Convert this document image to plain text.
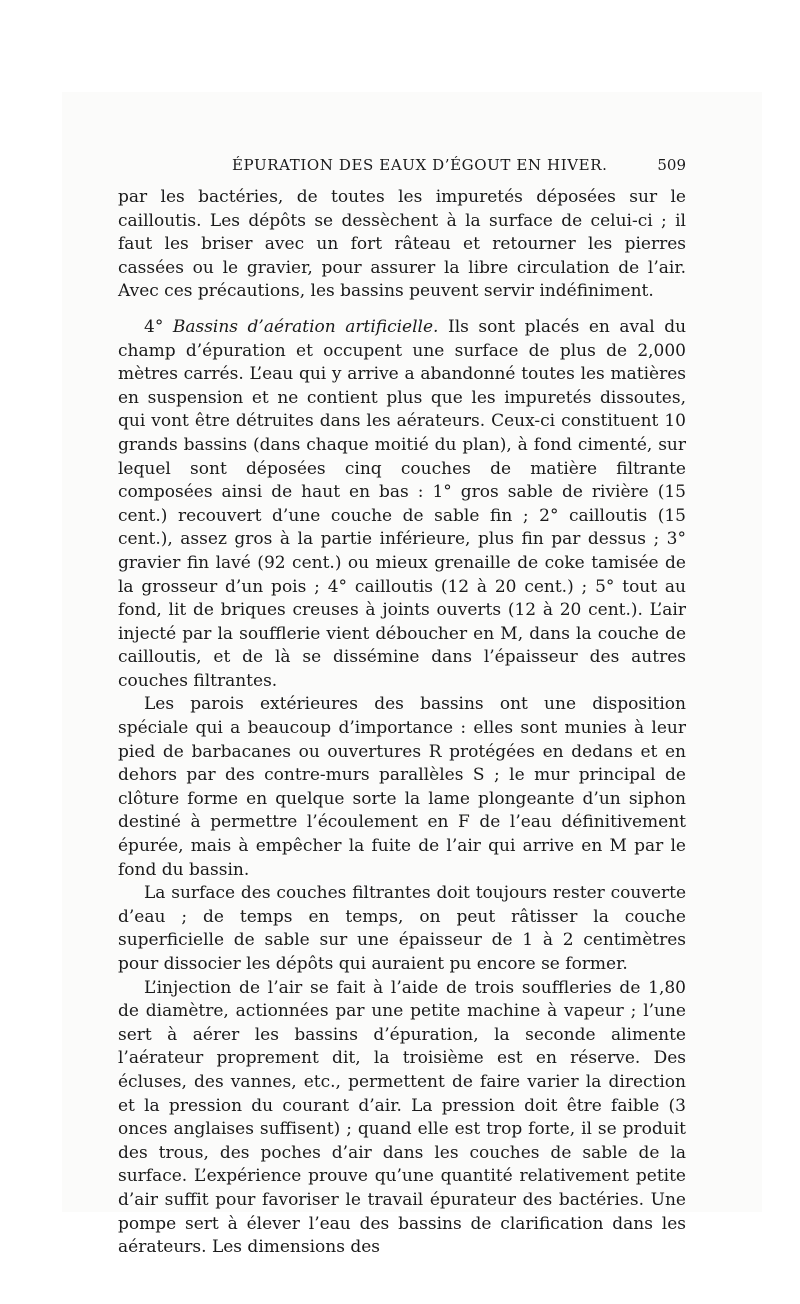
ÉPURATION DES EAUX D’ÉGOUT EN HIVER.	509

par les bactéries, de toutes les impuretés déposées sur le cailloutis. Les dépôts se dessèchent à la surface de celui-ci ; il faut les briser avec un fort râteau et retourner les pierres cassées ou le gravier, pour assurer la libre circulation de l’air. Avec ces précautions, les bassins peuvent servir indéfiniment.

4° Bassins d’aération artificielle. Ils sont placés en aval du champ d’épuration et occupent une surface de plus de 2,000 mètres carrés. L’eau qui y arrive a abandonné toutes les matières en suspension et ne contient plus que les impuretés dissoutes, qui vont être détruites dans les aérateurs. Ceux-ci constituent 10 grands bassins (dans chaque moitié du plan), à fond cimenté, sur lequel sont déposées cinq couches de matière filtrante composées ainsi de haut en bas : 1° gros sable de rivière (15 cent.) recouvert d’une couche de sable fin ; 2° cailloutis (15 cent.), assez gros à la partie inférieure, plus fin par dessus ; 3° gravier fin lavé (92 cent.) ou mieux grenaille de coke tamisée de la grosseur d’un pois ; 4° cailloutis (12 à 20 cent.) ; 5° tout au fond, lit de briques creuses à joints ouverts (12 à 20 cent.). L’air injecté par la soufflerie vient déboucher en M, dans la couche de cailloutis, et de là se dissémine dans l’épaisseur des autres couches filtrantes.

Les parois extérieures des bassins ont une disposition spéciale qui a beaucoup d’importance : elles sont munies à leur pied de barbacanes ou ouvertures R protégées en dedans et en dehors par des contre-murs parallèles S ; le mur principal de clôture forme en quelque sorte la lame plongeante d’un siphon destiné à permettre l’écoulement en F de l’eau définitivement épurée, mais à empêcher la fuite de l’air qui arrive en M par le fond du bassin.

La surface des couches filtrantes doit toujours rester couverte d’eau ; de temps en temps, on peut râtisser la couche superficielle de sable sur une épaisseur de 1 à 2 centimètres pour dissocier les dépôts qui auraient pu encore se former.

L’injection de l’air se fait à l’aide de trois souffleries de 1,80 de diamètre, actionnées par une petite machine à vapeur ; l’une sert à aérer les bassins d’épuration, la seconde alimente l’aérateur proprement dit, la troisième est en réserve. Des écluses, des vannes, etc., permettent de faire varier la direction et la pression du courant d’air. La pression doit être faible (3 onces anglaises suffisent) ; quand elle est trop forte, il se produit des trous, des poches d’air dans les couches de sable de la surface. L’expérience prouve qu’une quantité relativement petite d’air suffit pour favoriser le travail épurateur des bactéries. Une pompe sert à élever l’eau des bassins de clarification dans les aérateurs. Les dimensions des
